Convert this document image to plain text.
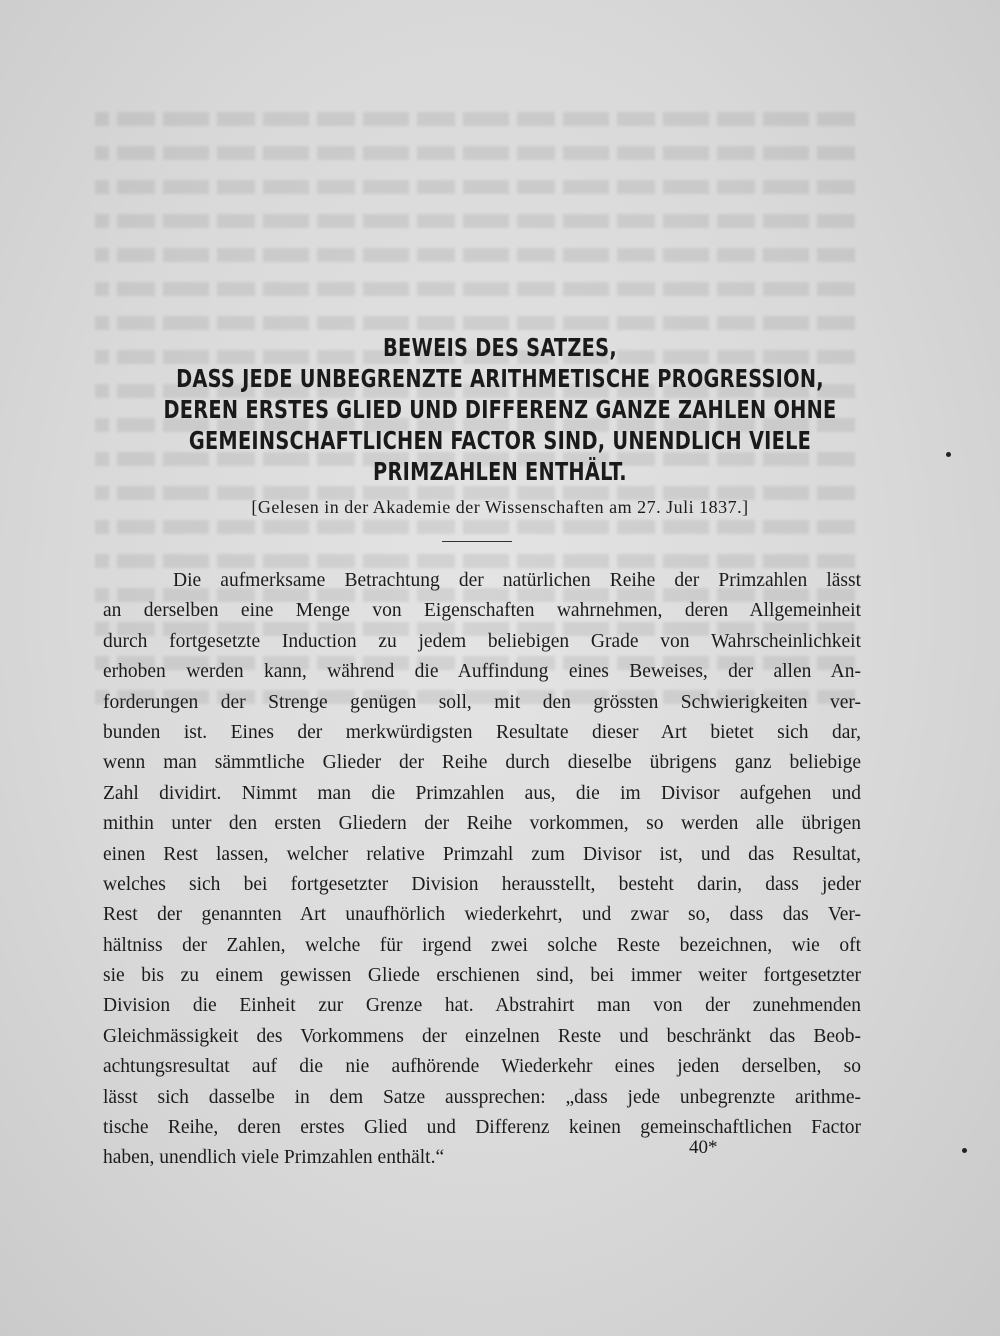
BEWEIS DES SATZES,
DASS JEDE UNBEGRENZTE ARITHMETISCHE PROGRESSION,
DEREN ERSTES GLIED UND DIFFERENZ GANZE ZAHLEN OHNE
GEMEINSCHAFTLICHEN FACTOR SIND, UNENDLICH VIELE
PRIMZAHLEN ENTHÄLT.
[Gelesen in der Akademie der Wissenschaften am 27. Juli 1837.]
Die aufmerksame Betrachtung der natürlichen Reihe der Primzahlen lässt
an derselben eine Menge von Eigenschaften wahrnehmen, deren Allgemeinheit
durch fortgesetzte Induction zu jedem beliebigen Grade von Wahrscheinlichkeit
erhoben werden kann, während die Auffindung eines Beweises, der allen An-
forderungen der Strenge genügen soll, mit den grössten Schwierigkeiten ver-
bunden ist. Eines der merkwürdigsten Resultate dieser Art bietet sich dar,
wenn man sämmtliche Glieder der Reihe durch dieselbe übrigens ganz beliebige
Zahl dividirt. Nimmt man die Primzahlen aus, die im Divisor aufgehen und
mithin unter den ersten Gliedern der Reihe vorkommen, so werden alle übrigen
einen Rest lassen, welcher relative Primzahl zum Divisor ist, und das Resultat,
welches sich bei fortgesetzter Division herausstellt, besteht darin, dass jeder
Rest der genannten Art unaufhörlich wiederkehrt, und zwar so, dass das Ver-
hältniss der Zahlen, welche für irgend zwei solche Reste bezeichnen, wie oft
sie bis zu einem gewissen Gliede erschienen sind, bei immer weiter fortgesetzter
Division die Einheit zur Grenze hat. Abstrahirt man von der zunehmenden
Gleichmässigkeit des Vorkommens der einzelnen Reste und beschränkt das Beob-
achtungsresultat auf die nie aufhörende Wiederkehr eines jeden derselben, so
lässt sich dasselbe in dem Satze aussprechen: „dass jede unbegrenzte arithme-
tische Reihe, deren erstes Glied und Differenz keinen gemeinschaftlichen Factor
haben, unendlich viele Primzahlen enthält.“	40*
